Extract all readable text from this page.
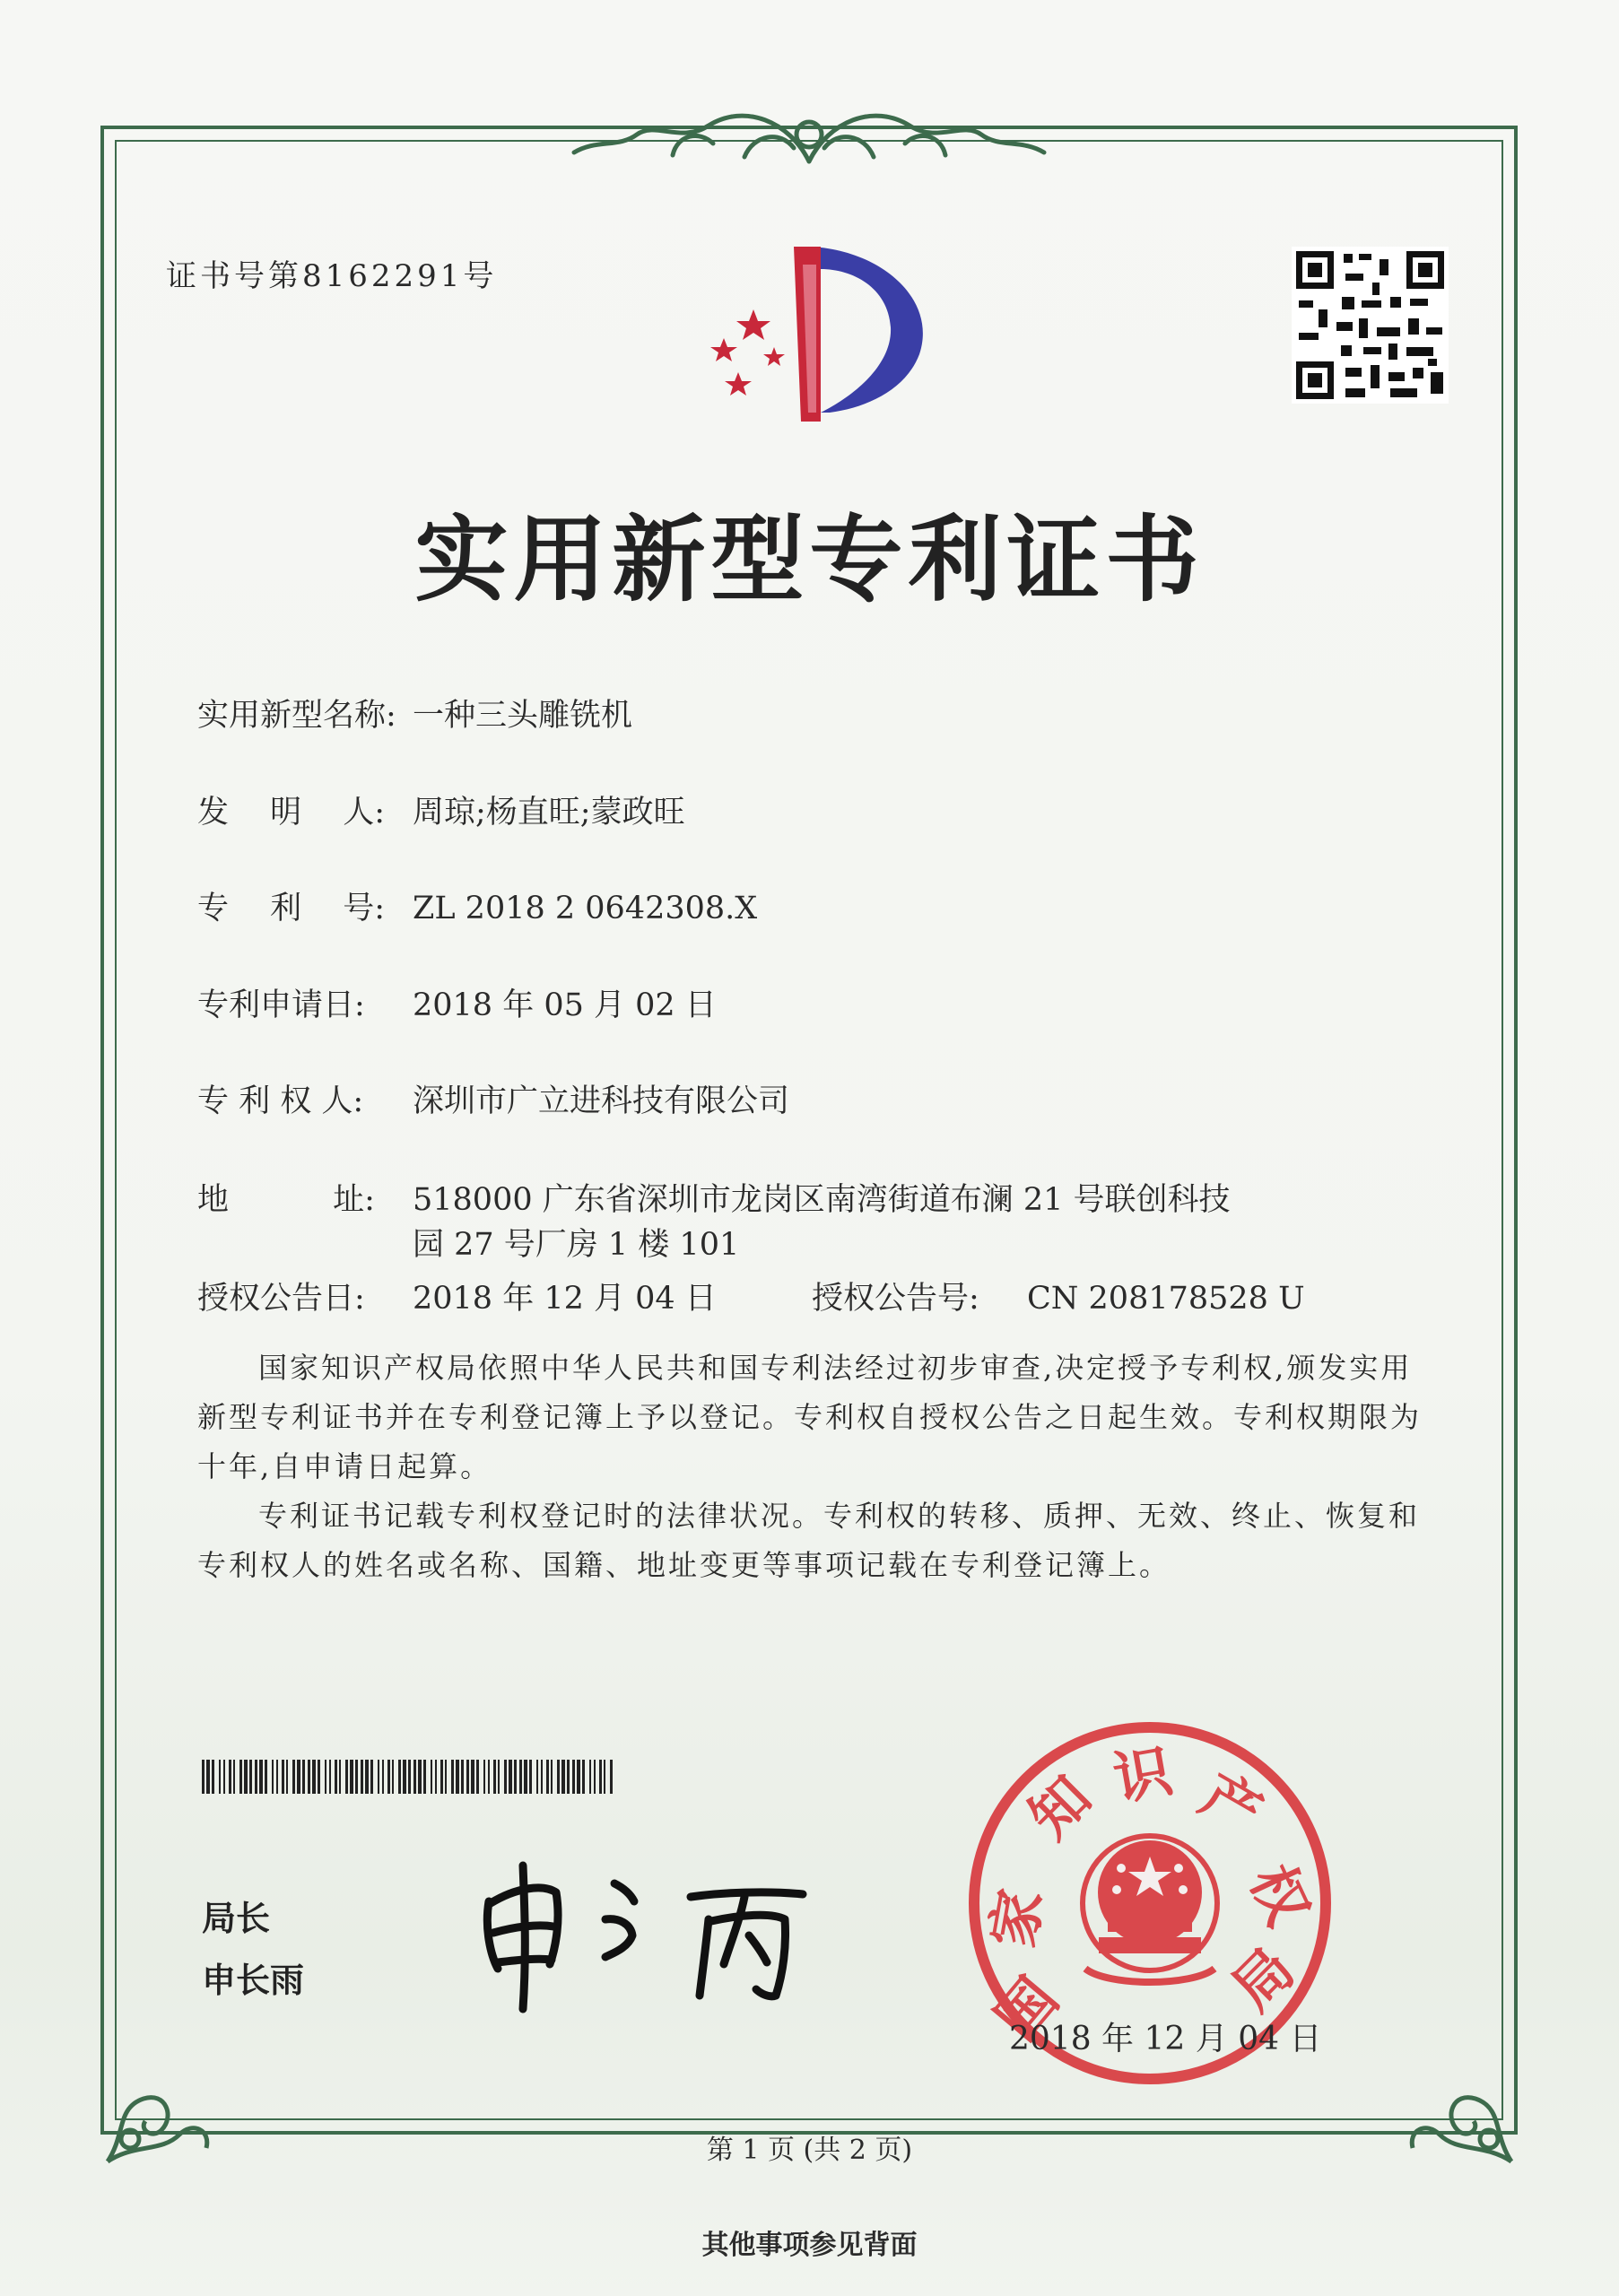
证书号第8162291号
实用新型专利证书
实用新型名称: 一种三头雕铣机
发　 明 　人: 周琼;杨直旺;蒙政旺
专 　利 　号: ZL 2018 2 0642308.X
专利申请日: 2018 年 05 月 02 日
专 利 权 人: 深圳市广立进科技有限公司
地　 　　址: 518000 广东省深圳市龙岗区南湾街道布澜 21 号联创科技
园 27 号厂房 1 楼 101
授权公告日: 2018 年 12 月 04 日	授权公告号: CN 208178528 U

国家知识产权局依照中华人民共和国专利法经过初步审查,决定授予专利权,颁发实用新型专利证书并在专利登记簿上予以登记。专利权自授权公告之日起生效。专利权期限为十年,自申请日起算。

专利证书记载专利权登记时的法律状况。专利权的转移、质押、无效、终止、恢复和专利权人的姓名或名称、国籍、地址变更等事项记载在专利登记簿上。

局长
申长雨	国
家
知 识 产
权
局
2018 年 12 月 04 日
第 1 页 (共 2 页)
其他事项参见背面
